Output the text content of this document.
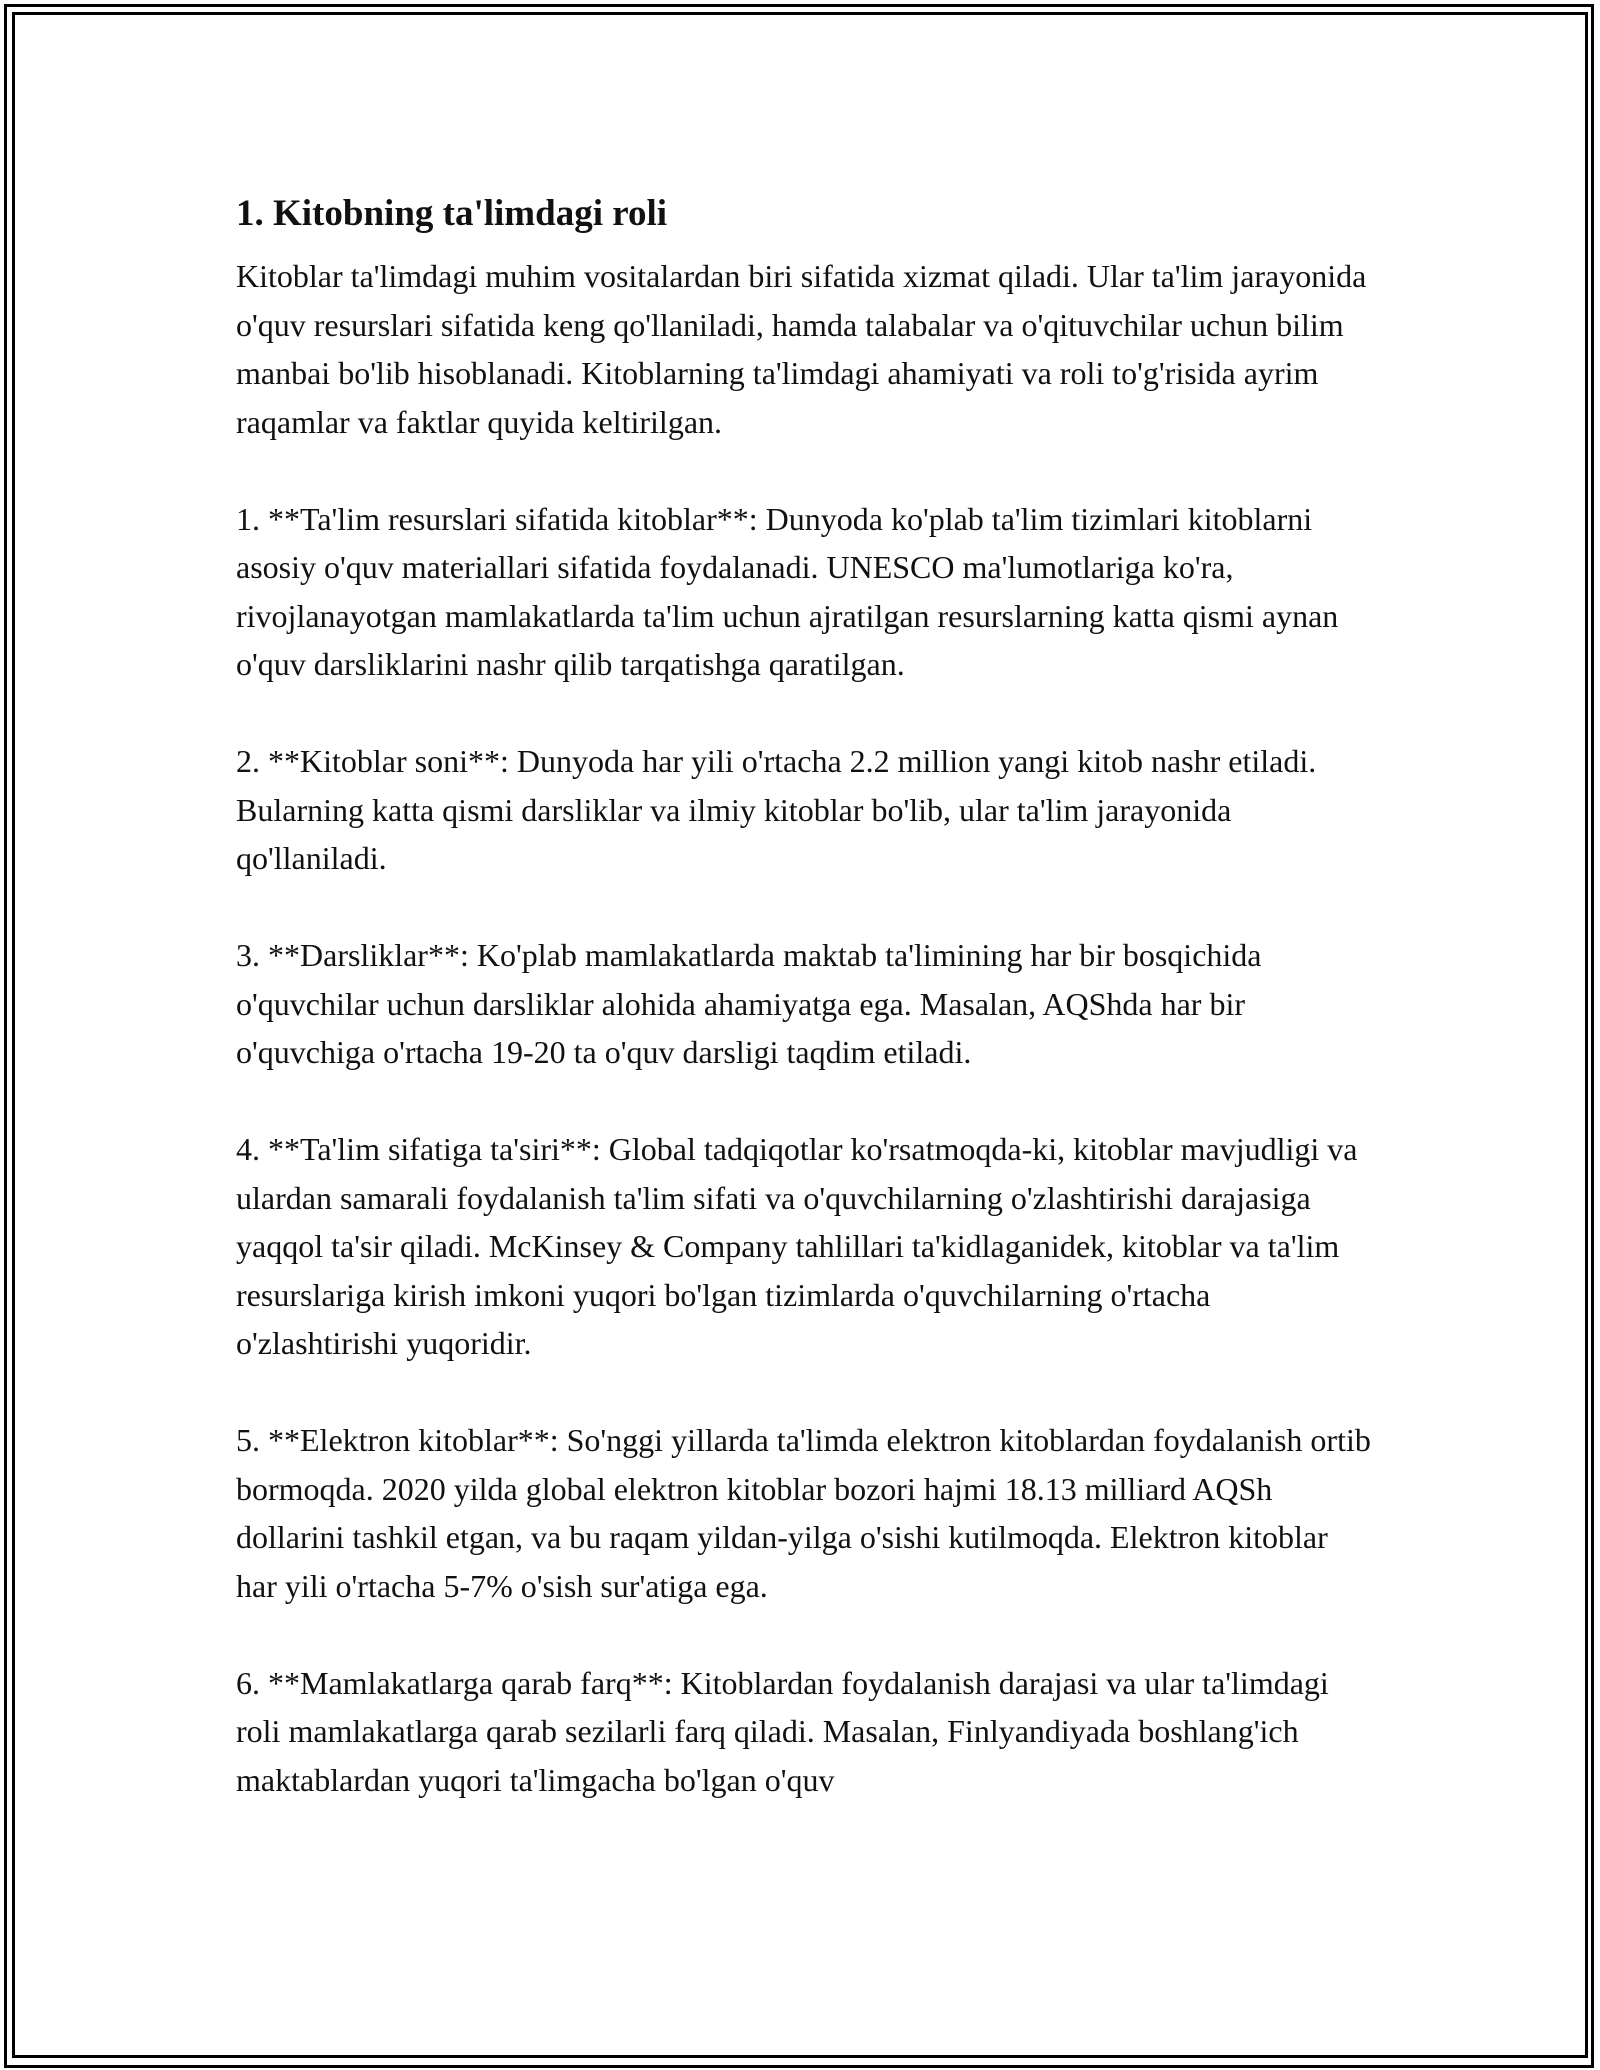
1. Kitobning ta'limdagi roli

Kitoblar ta'limdagi muhim vositalardan biri sifatida xizmat qiladi. Ular ta'lim jarayonida o'quv resurslari sifatida keng qo'llaniladi, hamda talabalar va o'qituvchilar uchun bilim manbai bo'lib hisoblanadi. Kitoblarning ta'limdagi ahamiyati va roli to'g'risida ayrim raqamlar va faktlar quyida keltirilgan.

1. **Ta'lim resurslari sifatida kitoblar**: Dunyoda ko'plab ta'lim tizimlari kitoblarni asosiy o'quv materiallari sifatida foydalanadi. UNESCO ma'lumotlariga ko'ra, rivojlanayotgan mamlakatlarda ta'lim uchun ajratilgan resurslarning katta qismi aynan o'quv darsliklarini nashr qilib tarqatishga qaratilgan.

2. **Kitoblar soni**: Dunyoda har yili o'rtacha 2.2 million yangi kitob nashr etiladi. Bularning katta qismi darsliklar va ilmiy kitoblar bo'lib, ular ta'lim jarayonida qo'llaniladi.

3. **Darsliklar**: Ko'plab mamlakatlarda maktab ta'limining har bir bosqichida o'quvchilar uchun darsliklar alohida ahamiyatga ega. Masalan, AQShda har bir o'quvchiga o'rtacha 19-20 ta o'quv darsligi taqdim etiladi.

4. **Ta'lim sifatiga ta'siri**: Global tadqiqotlar ko'rsatmoqda-ki, kitoblar mavjudligi va ulardan samarali foydalanish ta'lim sifati va o'quvchilarning o'zlashtirishi darajasiga yaqqol ta'sir qiladi. McKinsey & Company tahlillari ta'kidlaganidek, kitoblar va ta'lim resurslariga kirish imkoni yuqori bo'lgan tizimlarda o'quvchilarning o'rtacha o'zlashtirishi yuqoridir.

5. **Elektron kitoblar**: So'nggi yillarda ta'limda elektron kitoblardan foydalanish ortib bormoqda. 2020 yilda global elektron kitoblar bozori hajmi 18.13 milliard AQSh dollarini tashkil etgan, va bu raqam yildan-yilga o'sishi kutilmoqda. Elektron kitoblar har yili o'rtacha 5-7% o'sish sur'atiga ega.

6. **Mamlakatlarga qarab farq**: Kitoblardan foydalanish darajasi va ular ta'limdagi roli mamlakatlarga qarab sezilarli farq qiladi. Masalan, Finlyandiyada boshlang'ich maktablardan yuqori ta'limgacha bo'lgan o'quv
